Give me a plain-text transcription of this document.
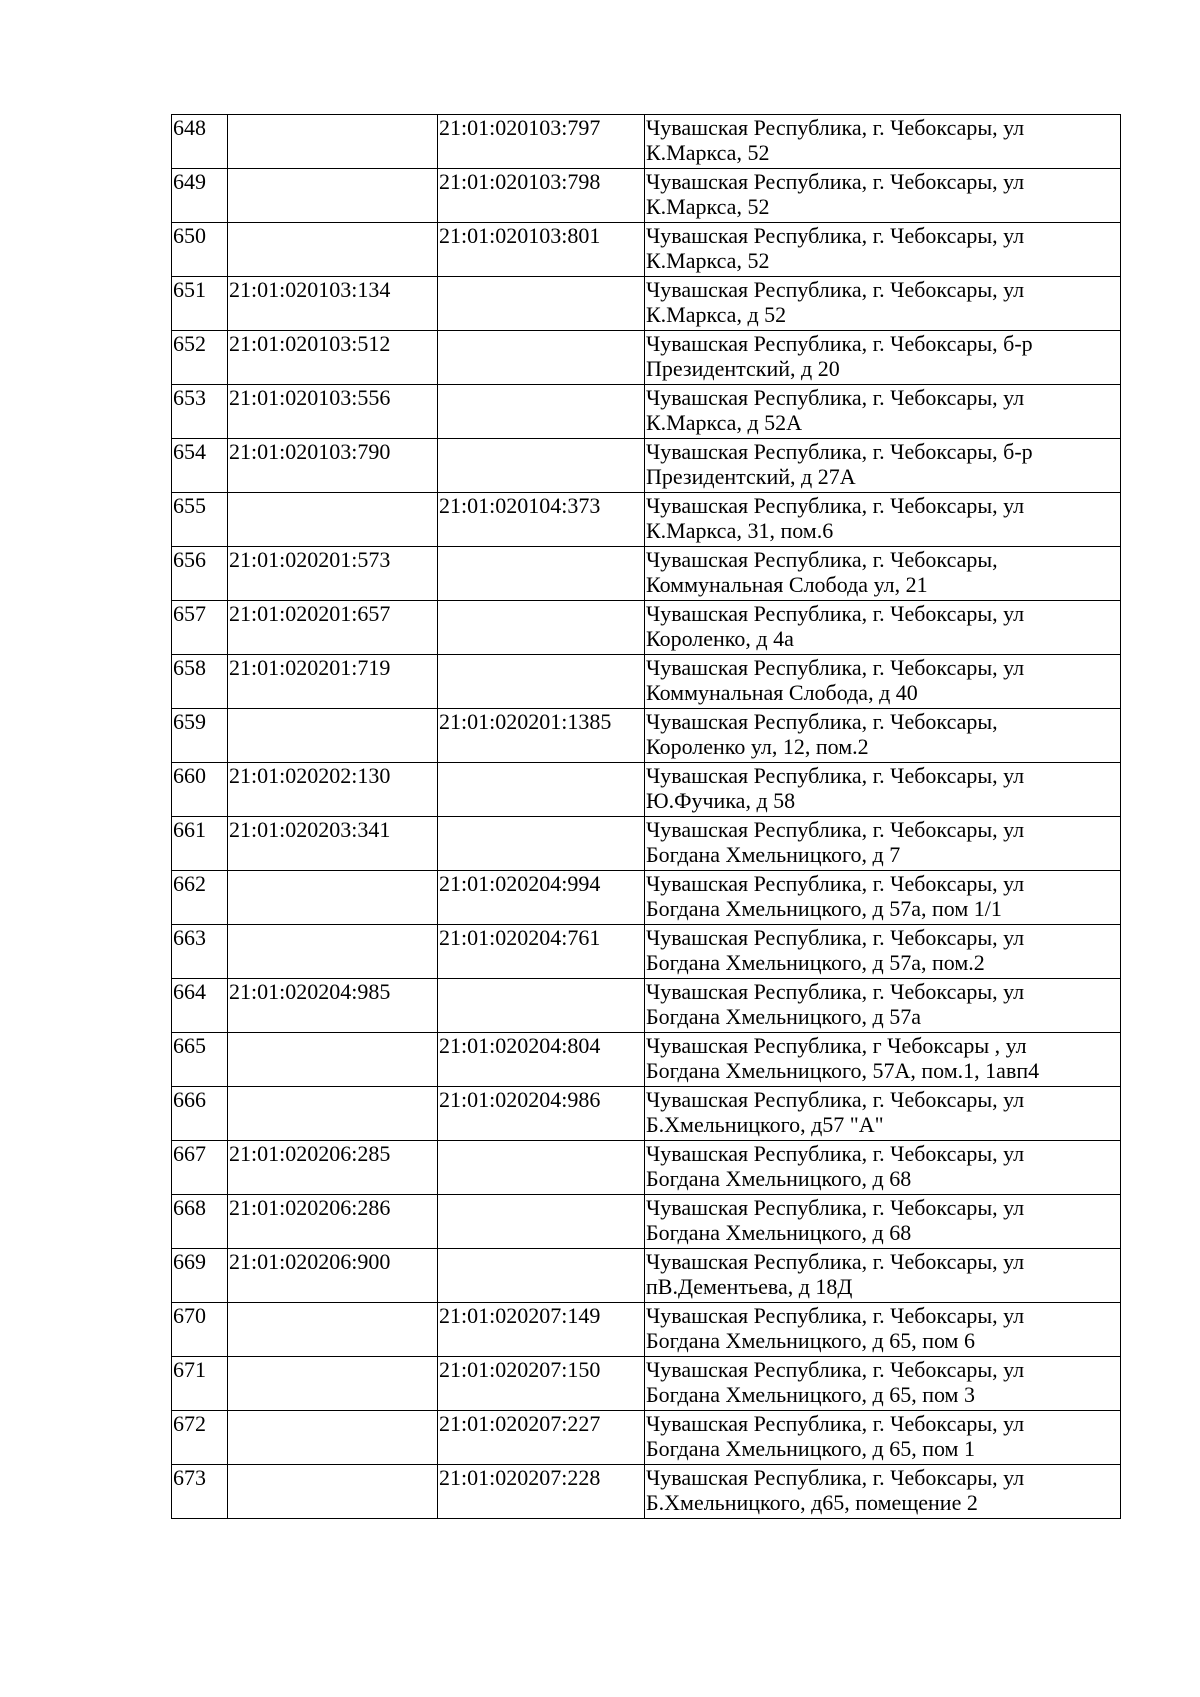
648		21:01:020103:797	Чувашская Республика, г. Чебоксары, ул
К.Маркса, 52

649		21:01:020103:798	Чувашская Республика, г. Чебоксары, ул
К.Маркса, 52

650		21:01:020103:801	Чувашская Республика, г. Чебоксары, ул
К.Маркса, 52

651	21:01:020103:134		Чувашская Республика, г. Чебоксары, ул
К.Маркса, д 52

652	21:01:020103:512		Чувашская Республика, г. Чебоксары, б-р
Президентский, д 20

653	21:01:020103:556		Чувашская Республика, г. Чебоксары, ул
К.Маркса, д 52А

654	21:01:020103:790		Чувашская Республика, г. Чебоксары, б-р
Президентский, д 27А

655		21:01:020104:373	Чувашская Республика, г. Чебоксары, ул
К.Маркса, 31, пом.6

656	21:01:020201:573		Чувашская Республика, г. Чебоксары,
Коммунальная Слобода ул, 21

657	21:01:020201:657		Чувашская Республика, г. Чебоксары, ул
Короленко, д 4а

658	21:01:020201:719		Чувашская Республика, г. Чебоксары, ул
Коммунальная Слобода, д 40

659		21:01:020201:1385	Чувашская Республика, г. Чебоксары,
Короленко ул, 12, пом.2

660	21:01:020202:130		Чувашская Республика, г. Чебоксары, ул
Ю.Фучика, д 58

661	21:01:020203:341		Чувашская Республика, г. Чебоксары, ул
Богдана Хмельницкого, д 7

662		21:01:020204:994	Чувашская Республика, г. Чебоксары, ул
Богдана Хмельницкого, д 57а, пом 1/1

663		21:01:020204:761	Чувашская Республика, г. Чебоксары, ул
Богдана Хмельницкого, д 57а, пом.2

664	21:01:020204:985		Чувашская Республика, г. Чебоксары, ул
Богдана Хмельницкого, д 57а

665		21:01:020204:804	Чувашская Республика, г Чебоксары , ул
Богдана Хмельницкого, 57А, пом.1, 1авп4

666		21:01:020204:986	Чувашская Республика, г. Чебоксары, ул
Б.Хмельницкого, д57 "А"

667	21:01:020206:285		Чувашская Республика, г. Чебоксары, ул
Богдана Хмельницкого, д 68

668	21:01:020206:286		Чувашская Республика, г. Чебоксары, ул
Богдана Хмельницкого, д 68

669	21:01:020206:900		Чувашская Республика, г. Чебоксары, ул
пВ.Дементьева, д 18Д

670		21:01:020207:149	Чувашская Республика, г. Чебоксары, ул
Богдана Хмельницкого, д 65, пом 6

671		21:01:020207:150	Чувашская Республика, г. Чебоксары, ул
Богдана Хмельницкого, д 65, пом 3

672		21:01:020207:227	Чувашская Республика, г. Чебоксары, ул
Богдана Хмельницкого, д 65, пом 1

673		21:01:020207:228	Чувашская Республика, г. Чебоксары, ул
Б.Хмельницкого, д65, помещение 2
